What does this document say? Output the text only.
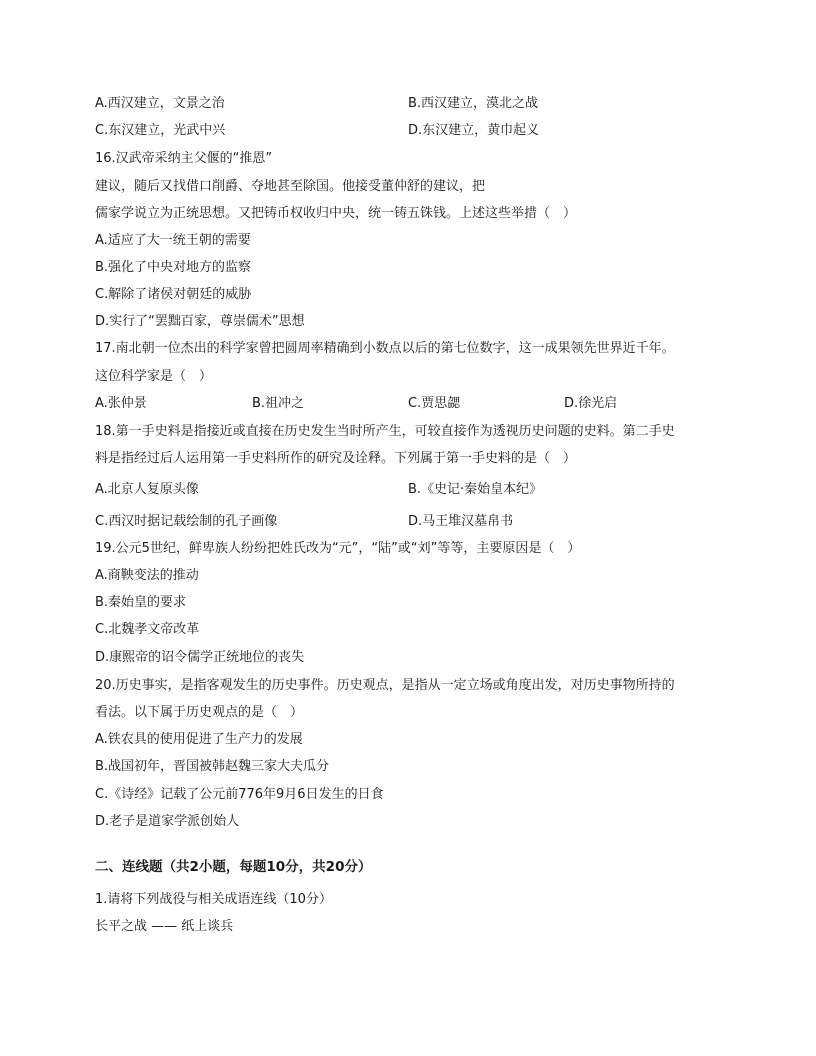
A.西汉建立，文景之治	B.西汉建立，漠北之战
C.东汉建立，光武中兴	D.东汉建立，黄巾起义
16.汉武帝采纳主父偃的“推恩”
建议，随后又找借口削爵、夺地甚至除国。他接受董仲舒的建议，把
儒家学说立为正统思想。又把铸币权收归中央，统一铸五铢钱。上述这些举措（　）
A.适应了大一统王朝的需要
B.强化了中央对地方的监察
C.解除了诸侯对朝廷的威胁
D.实行了“罢黜百家，尊崇儒术”思想
17.南北朝一位杰出的科学家曾把圆周率精确到小数点以后的第七位数字，这一成果领先世界近千年。
这位科学家是（　）
A.张仲景	B.祖冲之	C.贾思勰	D.徐光启
18.第一手史料是指接近或直接在历史发生当时所产生，可较直接作为透视历史问题的史料。第二手史
料是指经过后人运用第一手史料所作的研究及诠释。下列属于第一手史料的是（　）
A.北京人复原头像	B.《史记·秦始皇本纪》
C.西汉时据记载绘制的孔子画像	D.马王堆汉墓帛书
19.公元5世纪，鲜卑族人纷纷把姓氏改为“元”，“陆”或“刘”等等，主要原因是（　）
A.商鞅变法的推动
B.秦始皇的要求
C.北魏孝文帝改革
D.康熙帝的诏令儒学正统地位的丧失
20.历史事实，是指客观发生的历史事件。历史观点，是指从一定立场或角度出发，对历史事物所持的
看法。以下属于历史观点的是（　）
A.铁农具的使用促进了生产力的发展
B.战国初年，晋国被韩赵魏三家大夫瓜分
C.《诗经》记载了公元前776年9月6日发生的日食
D.老子是道家学派创始人
二、连线题（共2小题，每题10分，共20分）
1.请将下列战役与相关成语连线（10分）
长平之战 —— 纸上谈兵
